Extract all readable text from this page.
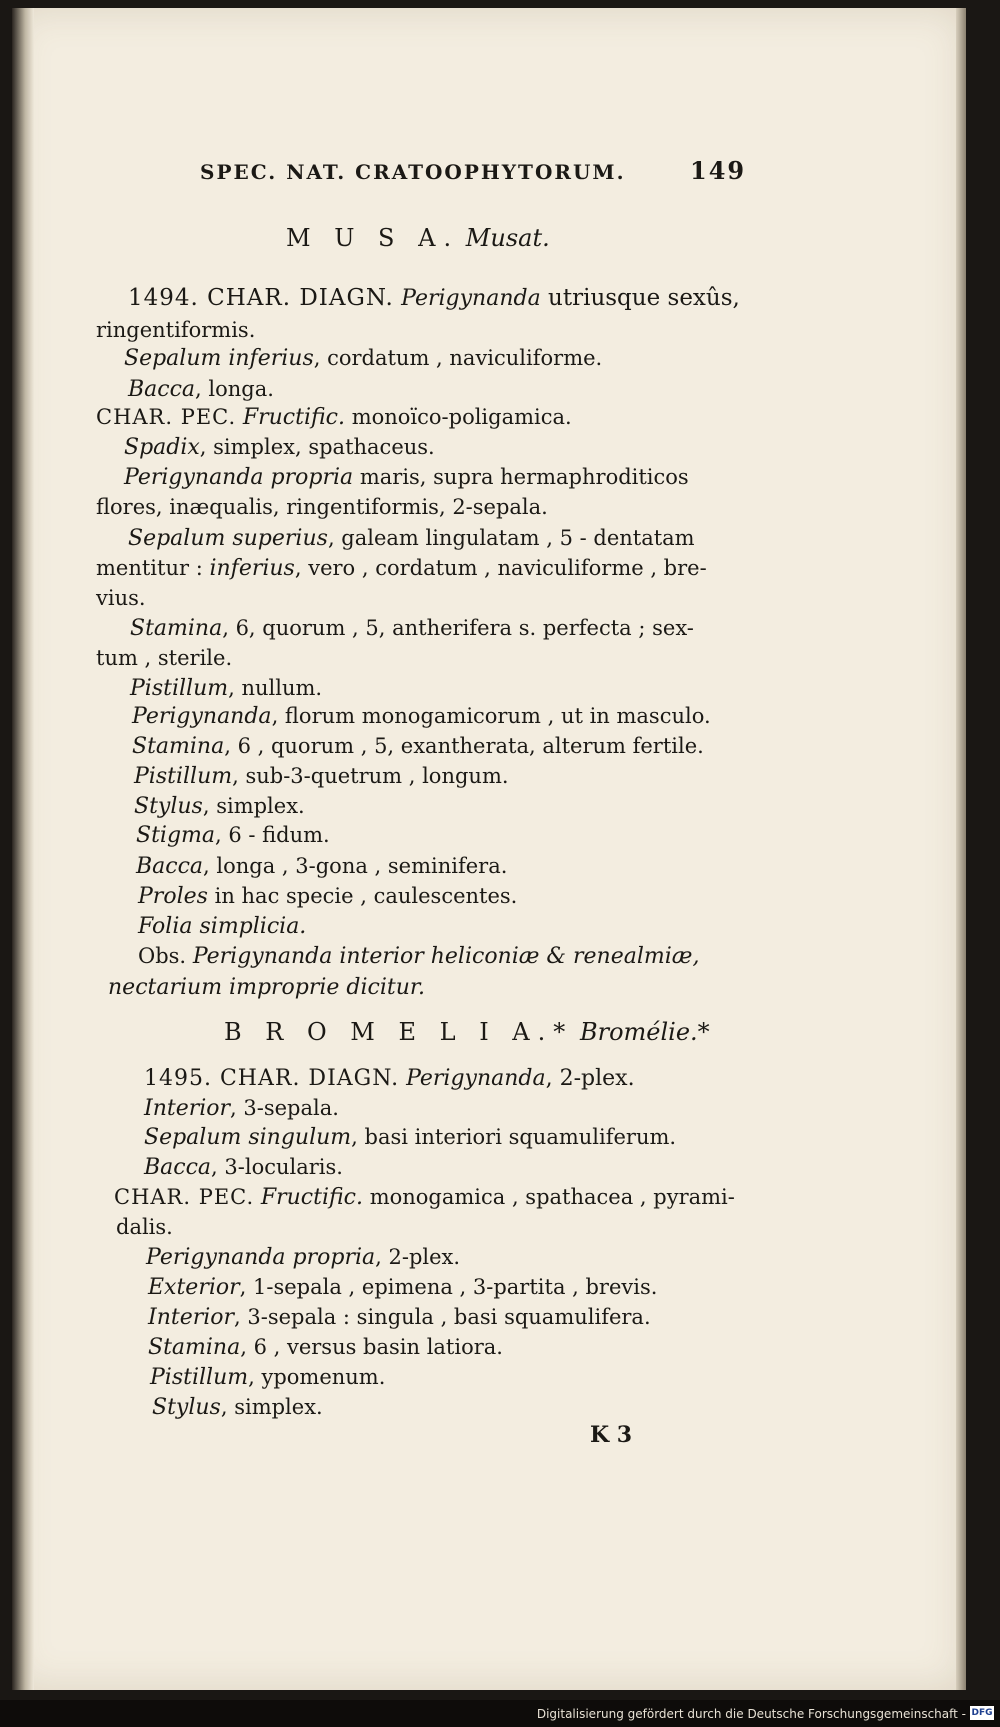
SPEC. NAT. CRATOOPHYTORUM.	149
M U S A. Musat.
1494. CHAR. DIAGN. Perigynanda utriusque sexûs,
ringentiformis.
Sepalum inferius, cordatum , naviculiforme.
Bacca, longa.
CHAR. PEC. Fructific. monoïco-poligamica.
Spadix, simplex, spathaceus.
Perigynanda propria maris, supra hermaphroditicos
flores, inæqualis, ringentiformis, 2-sepala.
Sepalum superius, galeam lingulatam , 5 - dentatam
mentitur : inferius, vero , cordatum , naviculiforme , bre-
vius.
Stamina, 6, quorum , 5, antherifera s. perfecta ; sex-
tum , sterile.
Pistillum, nullum.
Perigynanda, florum monogamicorum , ut in masculo.
Stamina, 6 , quorum , 5, exantherata, alterum fertile.
Pistillum, sub-3-quetrum , longum.
Stylus, simplex.
Stigma, 6 - fidum.
Bacca, longa , 3-gona , seminifera.
Proles in hac specie , caulescentes.
Folia simplicia.
Obs. Perigynanda interior heliconiæ & renealmiæ,
nectarium improprie dicitur.
B R O M E L I A.* Bromélie.*
1495. CHAR. DIAGN. Perigynanda, 2-plex.
Interior, 3-sepala.
Sepalum singulum, basi interiori squamuliferum.
Bacca, 3-locularis.
CHAR. PEC. Fructific. monogamica , spathacea , pyrami-
dalis.
Perigynanda propria, 2-plex.
Exterior, 1-sepala , epimena , 3-partita , brevis.
Interior, 3-sepala : singula , basi squamulifera.
Stamina, 6 , versus basin latiora.
Pistillum, ypomenum.
Stylus, simplex.
K 3
Digitalisierung gefördert durch die Deutsche Forschungsgemeinschaft - DFG
